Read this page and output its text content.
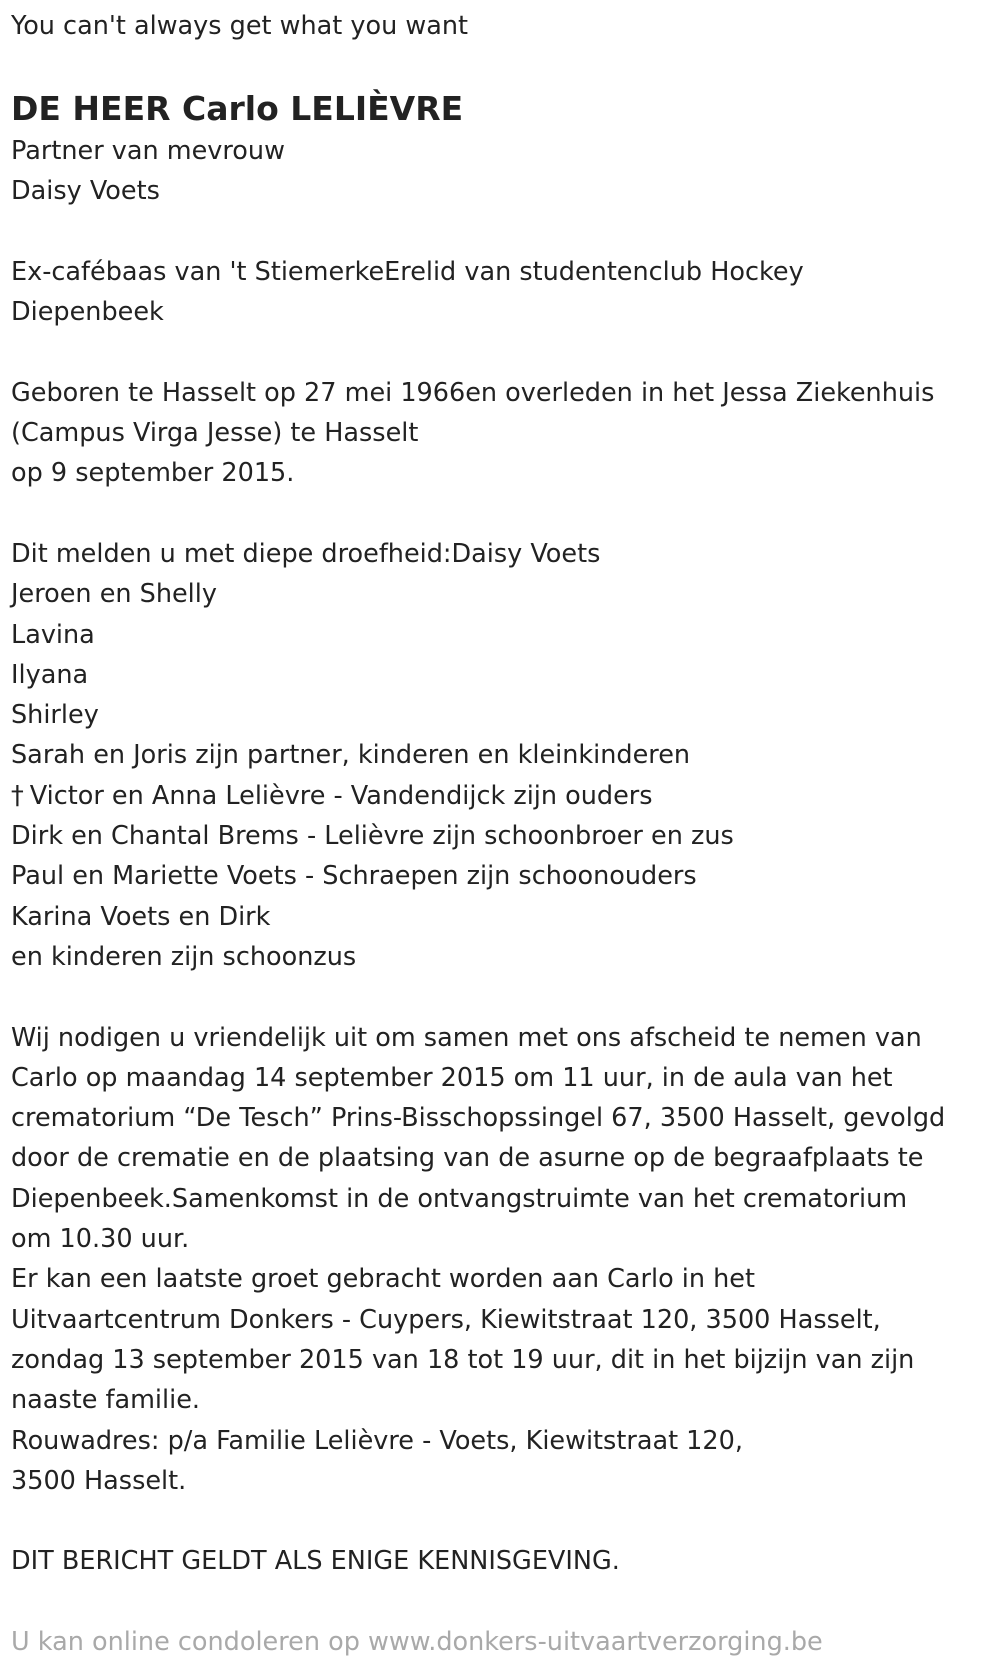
You can't always get what you want

DE HEER Carlo LELIÈVRE

Partner van mevrouw

Daisy Voets

Ex-cafébaas van 't StiemerkeErelid van studentenclub Hockey

Diepenbeek

Geboren te Hasselt op 27 mei 1966en overleden in het Jessa Ziekenhuis

(Campus Virga Jesse) te Hasselt

op 9 september 2015.

Dit melden u met diepe droefheid:Daisy Voets

Jeroen en Shelly

Lavina

Ilyana

Shirley

Sarah en Joris zijn partner, kinderen en kleinkinderen

† Victor en Anna Lelièvre - Vandendijck zijn ouders

Dirk en Chantal Brems - Lelièvre zijn schoonbroer en zus

Paul en Mariette Voets - Schraepen zijn schoonouders

Karina Voets en Dirk

en kinderen zijn schoonzus

Wij nodigen u vriendelijk uit om samen met ons afscheid te nemen van

Carlo op maandag 14 september 2015 om 11 uur, in de aula van het

crematorium “De Tesch” Prins-Bisschopssingel 67, 3500 Hasselt, gevolgd

door de crematie en de plaatsing van de asurne op de begraafplaats te

Diepenbeek.Samenkomst in de ontvangstruimte van het crematorium

om 10.30 uur.

Er kan een laatste groet gebracht worden aan Carlo in het

Uitvaartcentrum Donkers - Cuypers, Kiewitstraat 120, 3500 Hasselt,

zondag 13 september 2015 van 18 tot 19 uur, dit in het bijzijn van zijn

naaste familie.

Rouwadres: p/a Familie Lelièvre - Voets, Kiewitstraat 120,

3500 Hasselt.

DIT BERICHT GELDT ALS ENIGE KENNISGEVING.

U kan online condoleren op www.donkers-uitvaartverzorging.be
